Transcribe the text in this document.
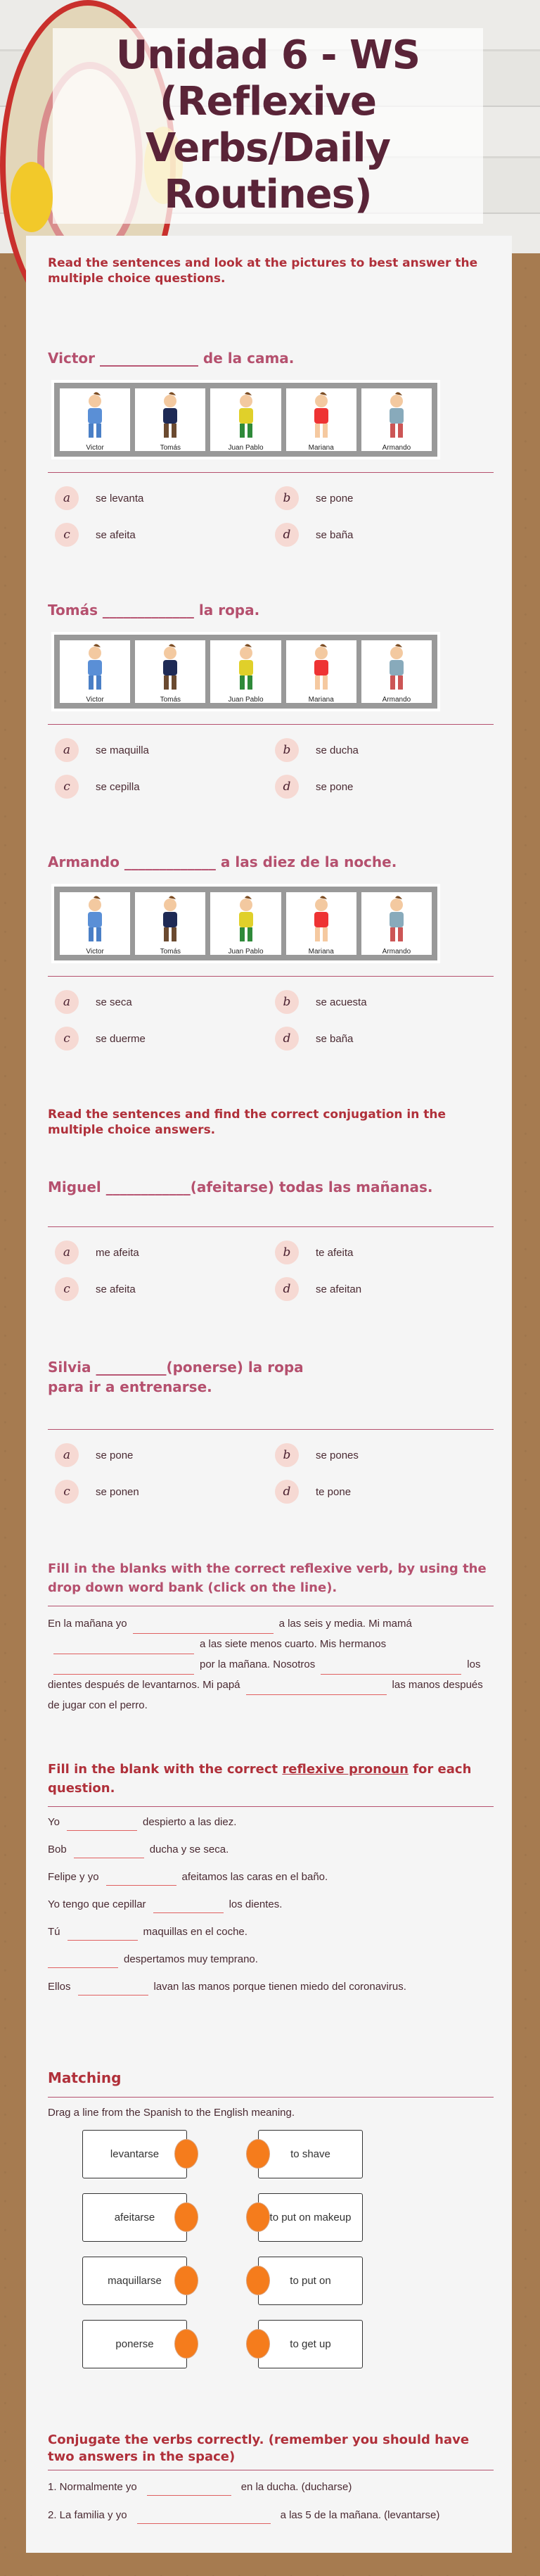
Unidad 6 - WS
(Reflexive
Verbs/Daily
Routines)
Read the sentences and look at the pictures to best answer the multiple choice questions.
Victor ______________ de la cama.
Victor	Tomás	Juan Pablo	Mariana	Armando
a	se levanta	b	se pone
c	se afeita	d	se baña
Tomás _____________ la ropa.
Victor	Tomás	Juan Pablo	Mariana	Armando
a	se maquilla	b	se ducha
c	se cepilla	d	se pone
Armando _____________ a las diez de la noche.
Victor	Tomás	Juan Pablo	Mariana	Armando
a	se seca	b	se acuesta
c	se duerme	d	se baña
Read the sentences and find the correct conjugation in the multiple choice answers.
Miguel ____________(afeitarse) todas las mañanas.
a	me afeita	b	te afeita
c	se afeita	d	se afeitan
Silvia __________(ponerse) la ropa para ir a entrenarse.
a	se pone	b	se pones
c	se ponen	d	te pone
Fill in the blanks with the correct reflexive verb, by using the drop down word bank (click on the line).
En la mañana yo	a las seis y media. Mi mamáa las siete menos cuarto. Mis hermanospor la mañana. Nosotros	los dientes después de levantarnos. Mi papá	las manos después de jugar con el perro.
Fill in the blank with the correct reflexive pronoun for each question.
Yo	despierto a las diez.
Bob	ducha y se seca.
Felipe y yo	afeitamos las caras en el baño.
Yo tengo que cepillar	los dientes.
Tú	maquillas en el coche.
despertamos muy temprano.
Ellos	lavan las manos porque tienen miedo del coronavirus.
Matching
Drag a line from the Spanish to the English meaning.
levantarse	to shave
afeitarse	to put on makeup
maquillarse	to put on
ponerse	to get up
Conjugate the verbs correctly. (remember you should have two answers in the space)
1. Normalmente yo	en la ducha. (ducharse)
2. La familia y yo	a las 5 de la mañana. (levantarse)
